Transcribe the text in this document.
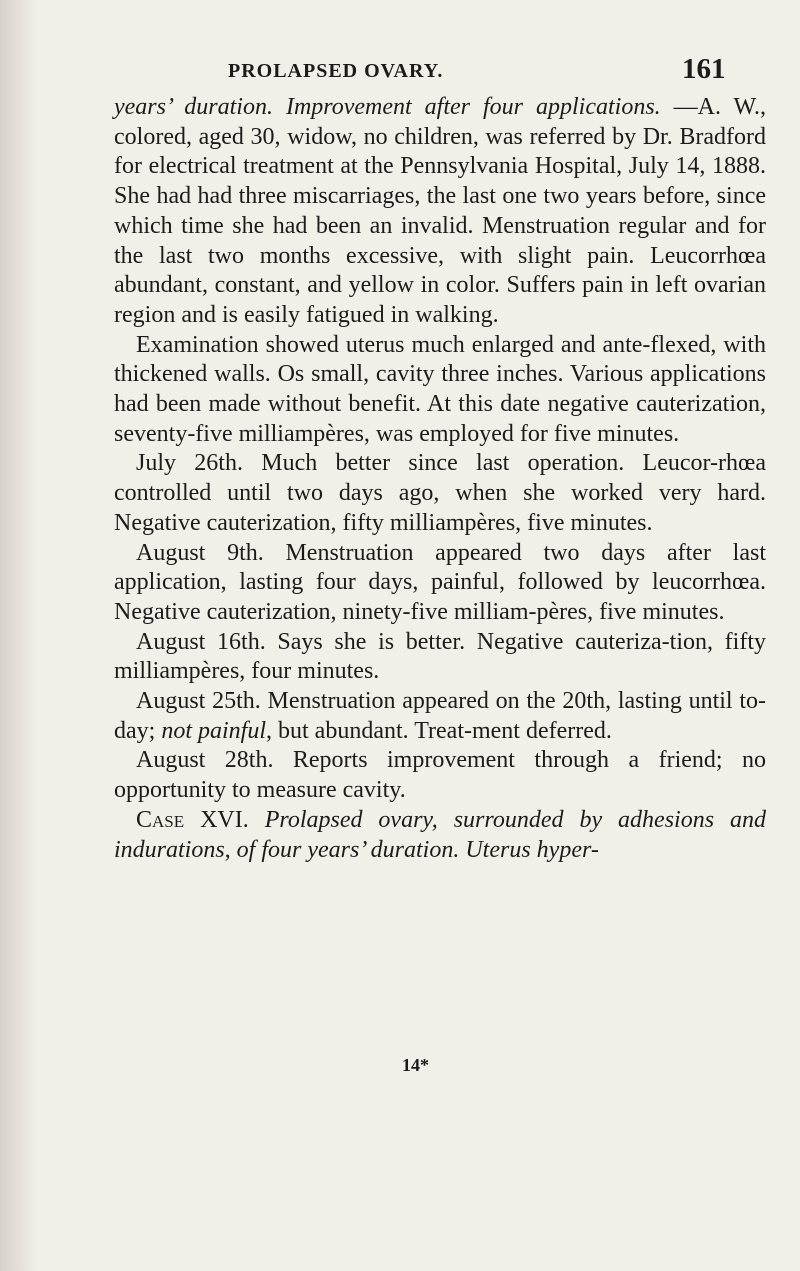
PROLAPSED OVARY.	161

years’ duration. Improvement after four applications. —A. W., colored, aged 30, widow, no children, was referred by Dr. Bradford for electrical treatment at the Pennsylvania Hospital, July 14, 1888. She had had three miscarriages, the last one two years before, since which time she had been an invalid. Menstruation regular and for the last two months excessive, with slight pain. Leucorrhœa abundant, constant, and yellow in color. Suffers pain in left ovarian region and is easily fatigued in walking.

Examination showed uterus much enlarged and ante-flexed, with thickened walls. Os small, cavity three inches. Various applications had been made without benefit. At this date negative cauterization, seventy-five milliampères, was employed for five minutes.

July 26th. Much better since last operation. Leucor-rhœa controlled until two days ago, when she worked very hard. Negative cauterization, fifty milliampères, five minutes.

August 9th. Menstruation appeared two days after last application, lasting four days, painful, followed by leucorrhœa. Negative cauterization, ninety-five milliam-pères, five minutes.

August 16th. Says she is better. Negative cauteriza-tion, fifty milliampères, four minutes.

August 25th. Menstruation appeared on the 20th, lasting until to-day; not painful, but abundant. Treat-ment deferred.

August 28th. Reports improvement through a friend; no opportunity to measure cavity.

Case XVI. Prolapsed ovary, surrounded by adhesions and indurations, of four years’ duration. Uterus hyper-

14*
